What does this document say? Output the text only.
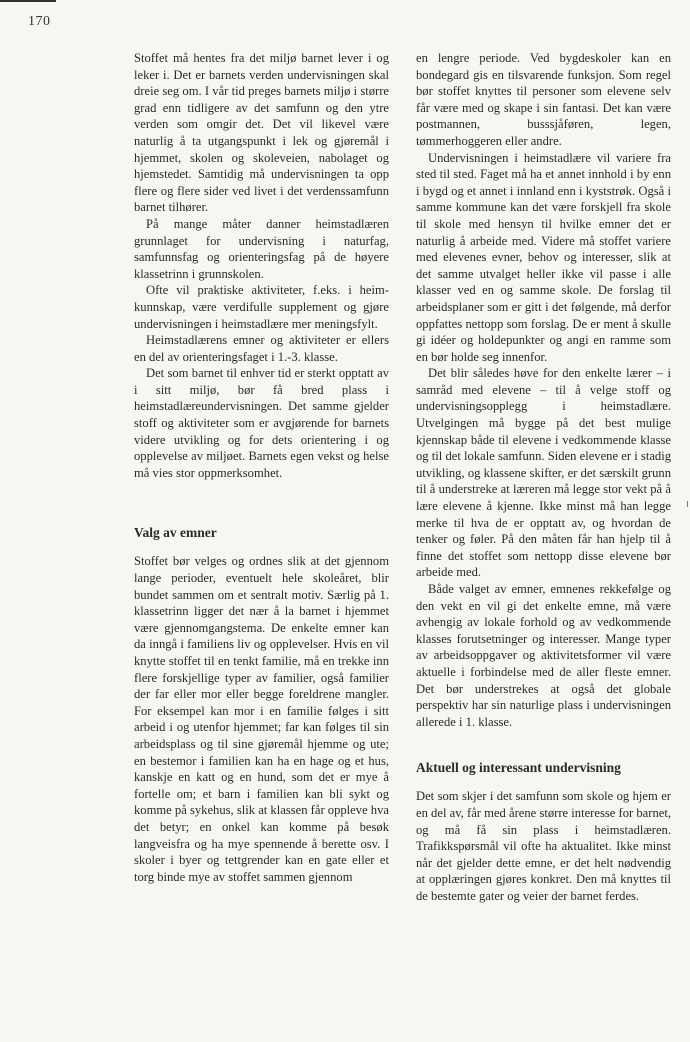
170

Stoffet må hentes fra det miljø barnet lever i og leker i. Det er barnets verden undervisningen skal dreie seg om. I vår tid preges barnets miljø i større grad enn tidligere av det samfunn og den ytre verden som omgir det. Det vil likevel være naturlig å ta utgangspunkt i lek og gjøremål i hjemmet, skolen og skoleveien, nabolaget og hjemstedet. Samtidig må undervisningen ta opp flere og flere sider ved livet i det verdenssamfunn barnet tilhører.

På mange måter danner heimstadlæren grunnlaget for undervisning i naturfag, samfunnsfag og orienteringsfag på de høyere klassetrinn i grunnskolen.

Ofte vil praktiske aktiviteter, f.eks. i heimkunnskap, være verdifulle supplement og gjøre undervisningen i heimstadlære mer meningsfylt.

Heimstadlærens emner og aktiviteter er ellers en del av orienteringsfaget i 1.-3. klasse.

Det som barnet til enhver tid er sterkt opptatt av i sitt miljø, bør få bred plass i heimstadlæreundervisningen. Det samme gjelder stoff og aktiviteter som er avgjørende for barnets videre utvikling og for dets orientering i og opplevelse av miljøet. Barnets egen vekst og helse må vies stor oppmerksomhet.

Valg av emner

Stoffet bør velges og ordnes slik at det gjennom lange perioder, eventuelt hele skoleåret, blir bundet sammen om et sentralt motiv. Særlig på 1. klassetrinn ligger det nær å la barnet i hjemmet være gjennomgangstema. De enkelte emner kan da inngå i familiens liv og opplevelser. Hvis en vil knytte stoffet til en tenkt familie, må en trekke inn flere forskjellige typer av familier, også familier der far eller mor eller begge foreldrene mangler. For eksempel kan mor i en familie følges i sitt arbeid i og utenfor hjemmet; far kan følges til sin arbeidsplass og til sine gjøremål hjemme og ute; en bestemor i familien kan ha en hage og et hus, kanskje en katt og en hund, som det er mye å fortelle om; et barn i familien kan bli sykt og komme på sykehus, slik at klassen får oppleve hva det betyr; en onkel kan komme på besøk langveisfra og ha mye spennende å berette osv. I skoler i byer og tettgrender kan en gate eller et torg binde mye av stoffet sammen gjennom

en lengre periode. Ved bygdeskoler kan en bondegard gis en tilsvarende funksjon. Som regel bør stoffet knyttes til personer som elevene selv får være med og skape i sin fantasi. Det kan være postmannen, busssjåføren, legen, tømmerhoggeren eller andre.

Undervisningen i heimstadlære vil variere fra sted til sted. Faget må ha et annet innhold i by enn i bygd og et annet i innland enn i kyststrøk. Også i samme kommune kan det være forskjell fra skole til skole med hensyn til hvilke emner det er naturlig å arbeide med. Videre må stoffet variere med elevenes evner, behov og interesser, slik at det samme utvalget heller ikke vil passe i alle klasser ved en og samme skole. De forslag til arbeidsplaner som er gitt i det følgende, må derfor oppfattes nettopp som forslag. De er ment å skulle gi idéer og holdepunkter og angi en ramme som en bør holde seg innenfor.

Det blir således høve for den enkelte lærer – i samråd med elevene – til å velge stoff og undervisningsopplegg i heimstadlære. Utvelgingen må bygge på det best mulige kjennskap både til elevene i vedkommende klasse og til det lokale samfunn. Siden elevene er i stadig utvikling, og klassene skifter, er det særskilt grunn til å understreke at læreren må legge stor vekt på å lære elevene å kjenne. Ikke minst må han legge merke til hva de er opptatt av, og hvordan de tenker og føler. På den måten får han hjelp til å finne det stoffet som nettopp disse elevene bør arbeide med.

Både valget av emner, emnenes rekkefølge og den vekt en vil gi det enkelte emne, må være avhengig av lokale forhold og av vedkommende klasses forutsetninger og interesser. Mange typer av arbeidsoppgaver og aktivitetsformer vil være aktuelle i forbindelse med de aller fleste emner. Det bør understrekes at også det globale perspektiv har sin naturlige plass i undervisningen allerede i 1. klasse.

Aktuell og interessant undervisning

Det som skjer i det samfunn som skole og hjem er en del av, får med årene større interesse for barnet, og må få sin plass i heimstadlæren. Trafikkspørsmål vil ofte ha aktualitet. Ikke minst når det gjelder dette emne, er det helt nødvendig at opplæringen gjøres konkret. Den må knyttes til de bestemte gater og veier der barnet ferdes.
